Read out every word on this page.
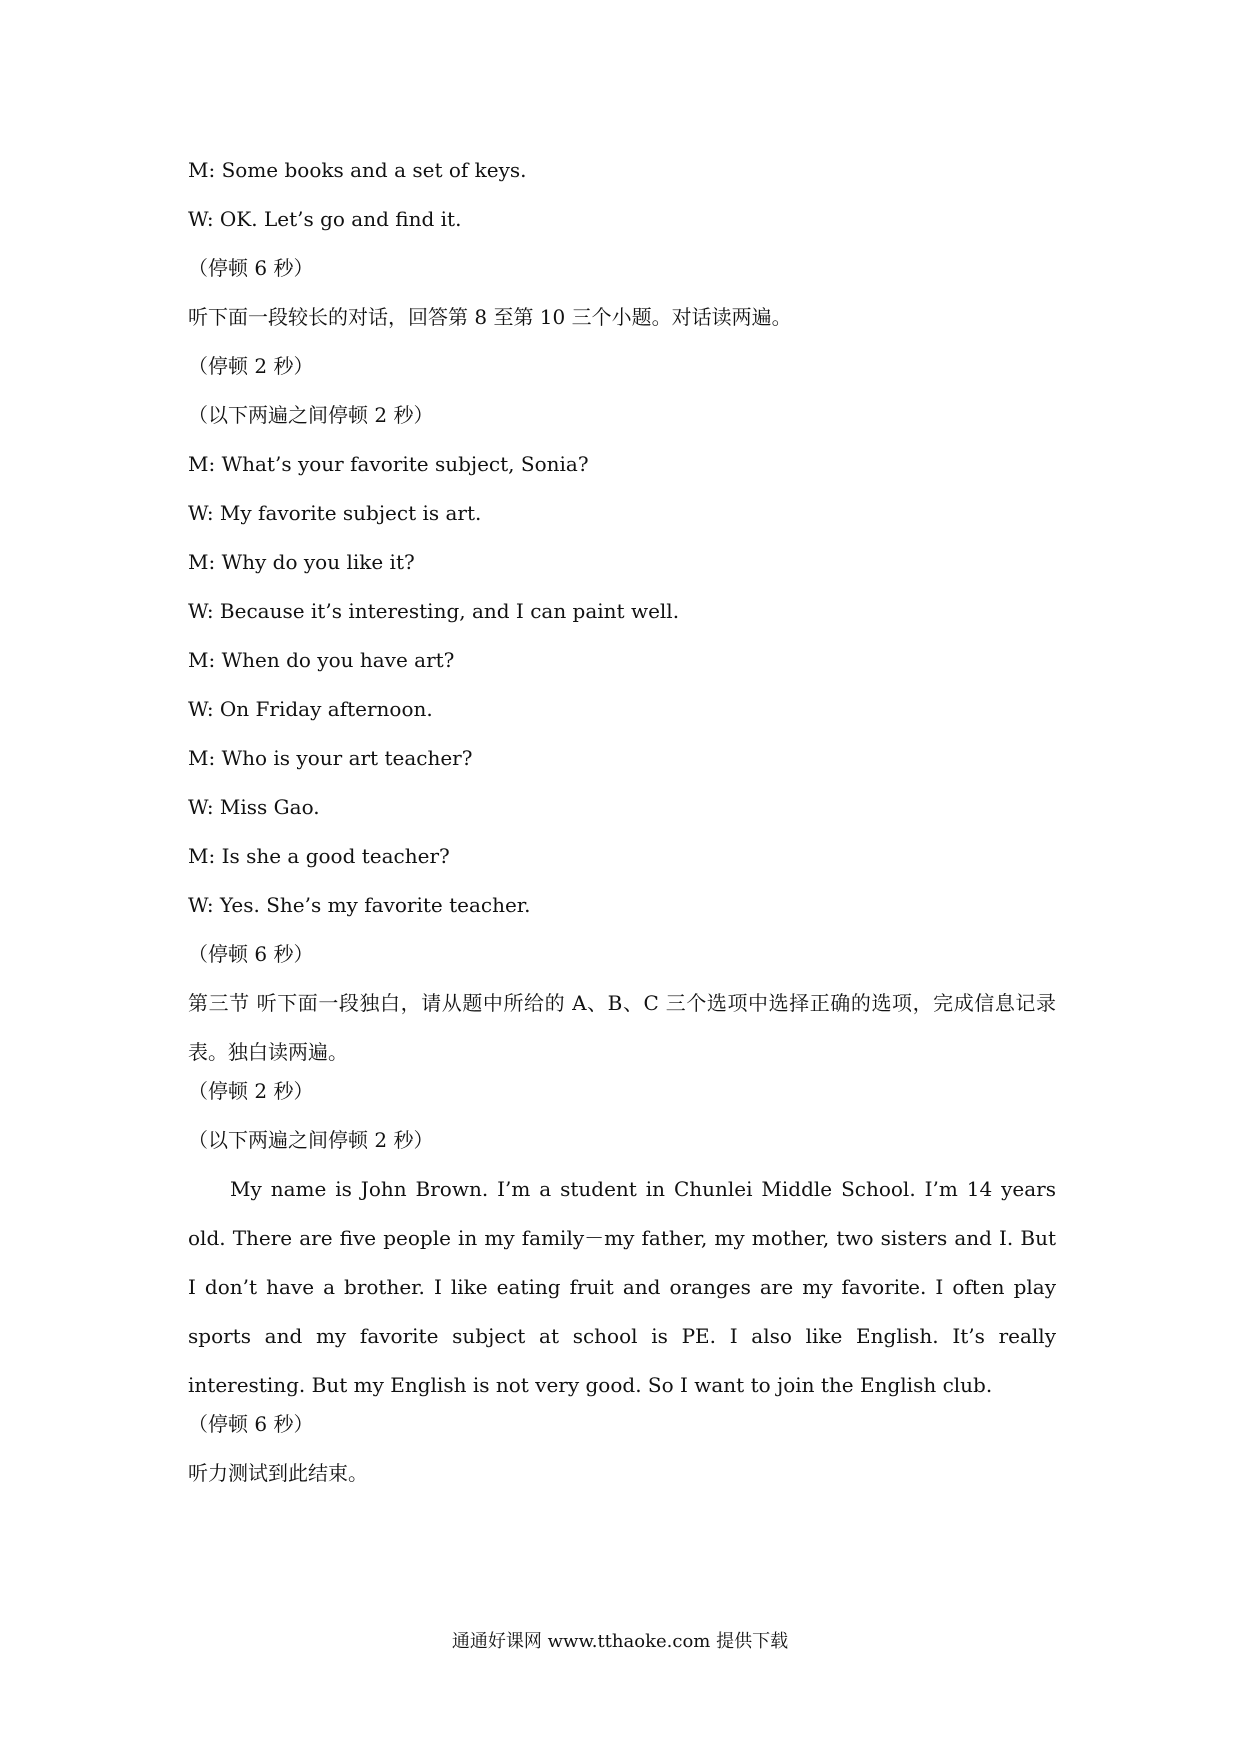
M: Some books and a set of keys.
W: OK. Let’s go and find it.
（停顿 6 秒）
听下面一段较长的对话，回答第 8 至第 10 三个小题。对话读两遍。
（停顿 2 秒）
（以下两遍之间停顿 2 秒）
M: What’s your favorite subject, Sonia?
W: My favorite subject is art.
M: Why do you like it?
W: Because it’s interesting, and I can paint well.
M: When do you have art?
W: On Friday afternoon.
M: Who is your art teacher?
W: Miss Gao.
M: Is she a good teacher?
W: Yes. She’s my favorite teacher.
（停顿 6 秒）
第三节 听下面一段独白，请从题中所给的 A、B、C 三个选项中选择正确的选项，完成信息记录表。独白读两遍。
（停顿 2 秒）
（以下两遍之间停顿 2 秒）
My name is John Brown. I’m a student in Chunlei Middle School. I’m 14 years old. There are five people in my family－my father, my mother, two sisters and I. But I don’t have a brother. I like eating fruit and oranges are my favorite. I often play sports and my favorite subject at school is PE. I also like English. It’s really interesting. But my English is not very good. So I want to join the English club.
（停顿 6 秒）
听力测试到此结束。
通通好课网 www.tthaoke.com 提供下载
